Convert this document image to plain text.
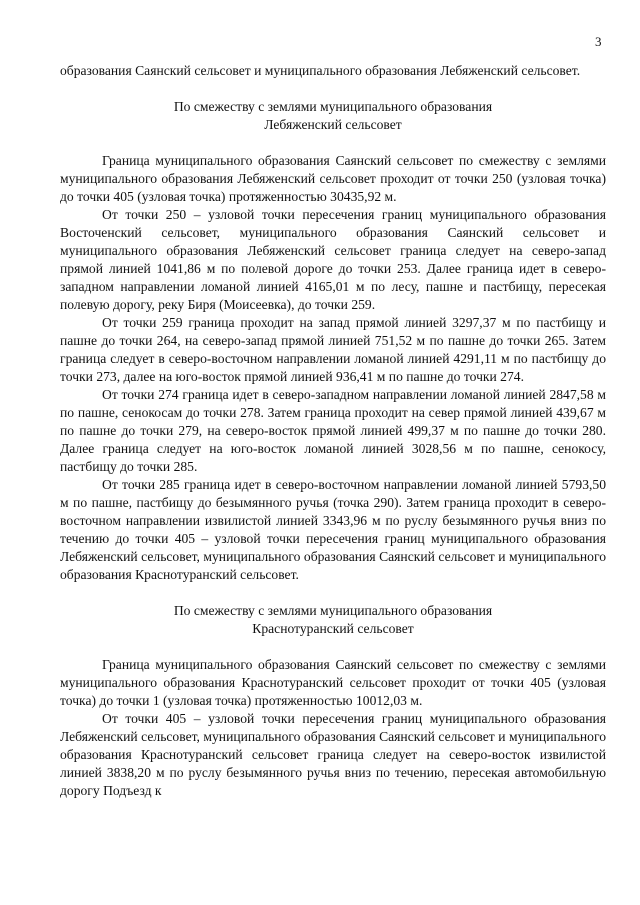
3

образования Саянский сельсовет и муниципального образования Лебяженский сельсовет.

По смежеству с землями муниципального образования
Лебяженский сельсовет

Граница муниципального образования Саянский сельсовет по смежеству с землями муниципального образования Лебяженский сельсовет проходит от точки 250 (узловая точка) до точки 405 (узловая точка) протяженностью 30435,92 м.

От точки 250 – узловой точки пересечения границ муниципального образования Восточенский сельсовет, муниципального образования Саянский сельсовет и муниципального образования Лебяженский сельсовет граница следует на северо-запад прямой линией 1041,86 м по полевой дороге до точки 253. Далее граница идет в северо-западном направлении ломаной линией 4165,01 м по лесу, пашне и пастбищу, пересекая полевую дорогу, реку Биря (Моисеевка), до точки 259.

От точки 259 граница проходит на запад прямой линией 3297,37 м по пастбищу и пашне до точки 264, на северо-запад прямой линией 751,52 м по пашне до точки 265. Затем граница следует в северо-восточном направлении ломаной линией 4291,11 м по пастбищу до точки 273, далее на юго-восток прямой линией 936,41 м по пашне до точки 274.

От точки 274 граница идет в северо-западном направлении ломаной линией 2847,58 м по пашне, сенокосам до точки 278. Затем граница проходит на север прямой линией 439,67 м по пашне до точки 279, на северо-восток прямой линией 499,37 м по пашне до точки 280. Далее граница следует на юго-восток ломаной линией 3028,56 м по пашне, сенокосу, пастбищу до точки 285.

От точки 285 граница идет в северо-восточном направлении ломаной линией 5793,50 м по пашне, пастбищу до безымянного ручья (точка 290). Затем граница проходит в северо-восточном направлении извилистой линией 3343,96 м по руслу безымянного ручья вниз по течению до точки 405 – узловой точки пересечения границ муниципального образования Лебяженский сельсовет, муниципального образования Саянский сельсовет и муниципального образования Краснотуранский сельсовет.

По смежеству с землями муниципального образования
Краснотуранский сельсовет

Граница муниципального образования Саянский сельсовет по смежеству с землями муниципального образования Краснотуранский сельсовет проходит от точки 405 (узловая точка) до точки 1 (узловая точка) протяженностью 10012,03 м.

От точки 405 – узловой точки пересечения границ муниципального образования Лебяженский сельсовет, муниципального образования Саянский сельсовет и муниципального образования Краснотуранский сельсовет граница следует на северо-восток извилистой линией 3838,20 м по руслу безымянного ручья вниз по течению, пересекая автомобильную дорогу Подъезд к
